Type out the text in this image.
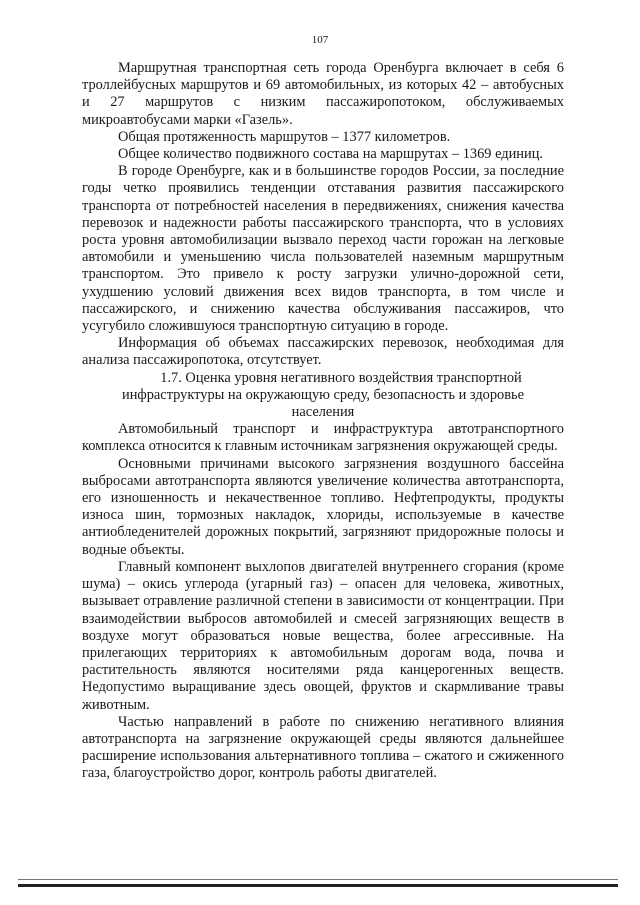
107

Маршрутная транспортная сеть города Оренбурга включает в себя 6 троллейбусных маршрутов и 69 автомобильных, из которых 42 – автобусных и 27 маршрутов с низким пассажиропотоком, обслуживаемых микроавтобусами марки «Газель».

Общая протяженность маршрутов – 1377 километров.

Общее количество подвижного состава на маршрутах – 1369 единиц.

В городе Оренбурге, как и в большинстве городов России, за последние годы четко проявились тенденции отставания развития пассажирского транспорта от потребностей населения в передвижениях, снижения качества перевозок и надежности работы пассажирского транспорта, что в условиях роста уровня автомобилизации вызвало переход части горожан на легковые автомобили и уменьшению числа пользователей наземным маршрутным транспортом. Это привело к росту загрузки улично-дорожной сети, ухудшению условий движения всех видов транспорта, в том числе и пассажирского, и снижению качества обслуживания пассажиров, что усугубило сложившуюся транспортную ситуацию в городе.

Информация об объемах пассажирских перевозок, необходимая для анализа пассажиропотока, отсутствует.

1.7. Оценка уровня негативного воздействия транспортной инфраструктуры на окружающую среду, безопасность и здоровье населения

Автомобильный транспорт и инфраструктура автотранспортного комплекса относится к главным источникам загрязнения окружающей среды.

Основными причинами высокого загрязнения воздушного бассейна выбросами автотранспорта являются увеличение количества автотранспорта, его изношенность и некачественное топливо. Нефтепродукты, продукты износа шин, тормозных накладок, хлориды, используемые в качестве антиобледенителей дорожных покрытий, загрязняют придорожные полосы и водные объекты.

Главный компонент выхлопов двигателей внутреннего сгорания (кроме шума) – окись углерода (угарный газ) – опасен для человека, животных, вызывает отравление различной степени в зависимости от концентрации. При взаимодействии выбросов автомобилей и смесей загрязняющих веществ в воздухе могут образоваться новые вещества, более агрессивные. На прилегающих территориях к автомобильным дорогам вода, почва и растительность являются носителями ряда канцерогенных веществ. Недопустимо выращивание здесь овощей, фруктов и скармливание травы животным.

Частью направлений в работе по снижению негативного влияния автотранспорта на загрязнение окружающей среды являются дальнейшее расширение использования альтернативного топлива – сжатого и сжиженного газа, благоустройство дорог, контроль работы двигателей.
